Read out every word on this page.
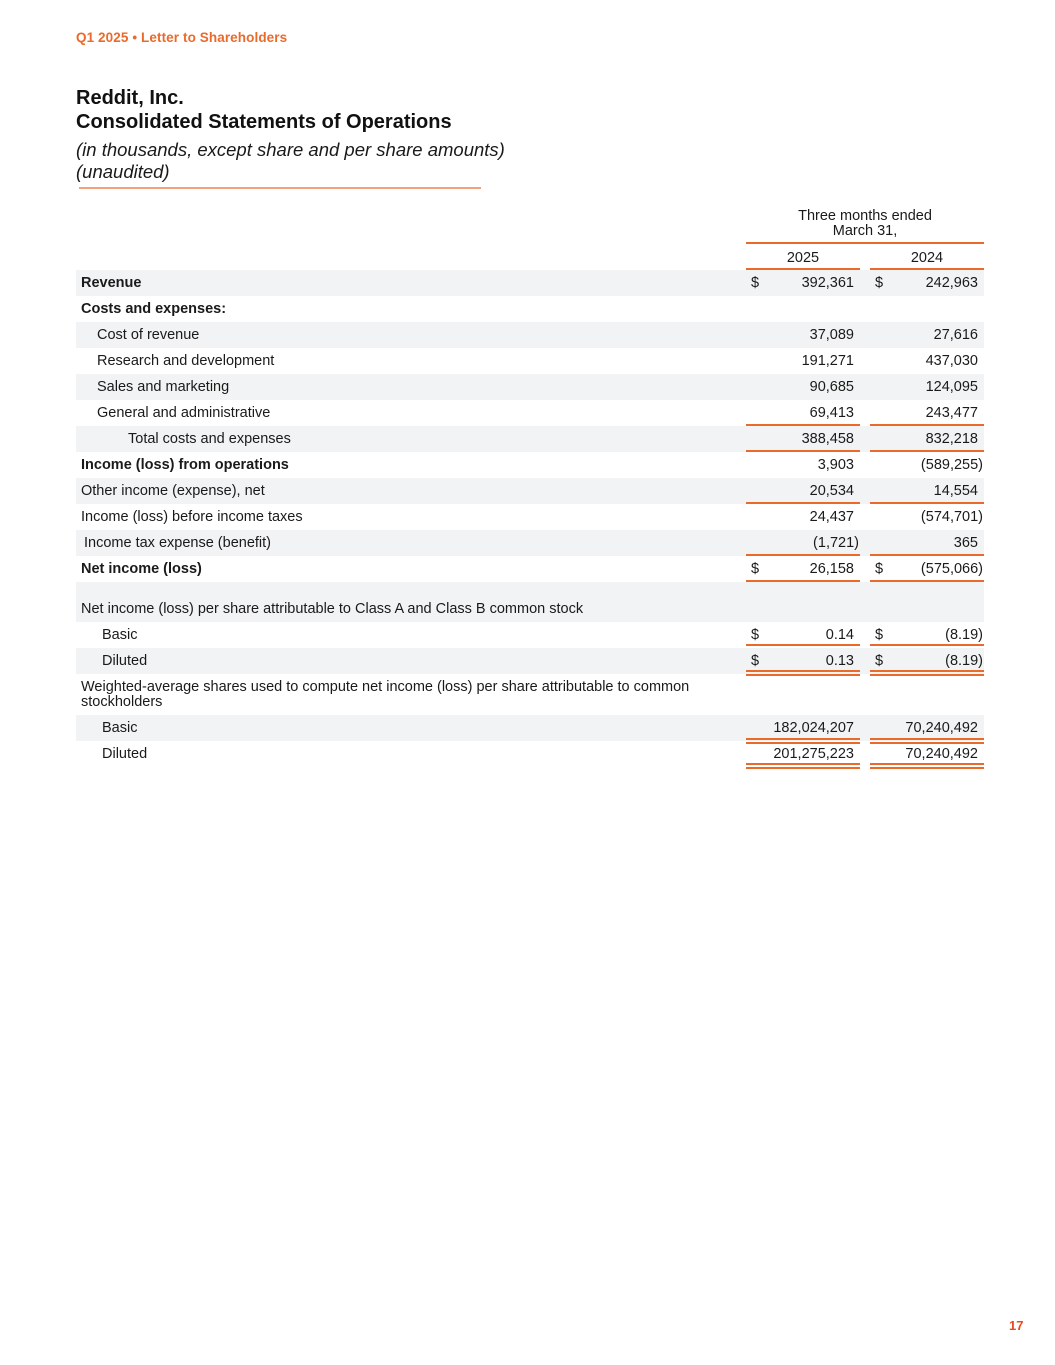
Q1 2025 • Letter to Shareholders
Reddit, Inc.
Consolidated Statements of Operations
(in thousands, except share and per share amounts)
(unaudited)
Three months ended
March 31,
2025	2024
Revenue	$	392,361 $	242,963
Costs and expenses:
Cost of revenue	37,089	27,616
Research and development	191,271	437,030
Sales and marketing	90,685	124,095
General and administrative	69,413	243,477
Total costs and expenses	388,458	832,218
Income (loss) from operations	3,903	(589,255)
Other income (expense), net	20,534	14,554
Income (loss) before income taxes	24,437	(574,701)
Income tax expense (benefit)	(1,721)	365
Net income (loss)	$	26,158 $	(575,066)
Net income (loss) per share attributable to Class A and Class B common stock
Basic	$	0.14 $	(8.19)
Diluted	$	0.13 $	(8.19)
Weighted-average shares used to compute net income (loss) per share attributable to common
stockholders
Basic	182,024,207	70,240,492
Diluted	201,275,223	70,240,492
17
